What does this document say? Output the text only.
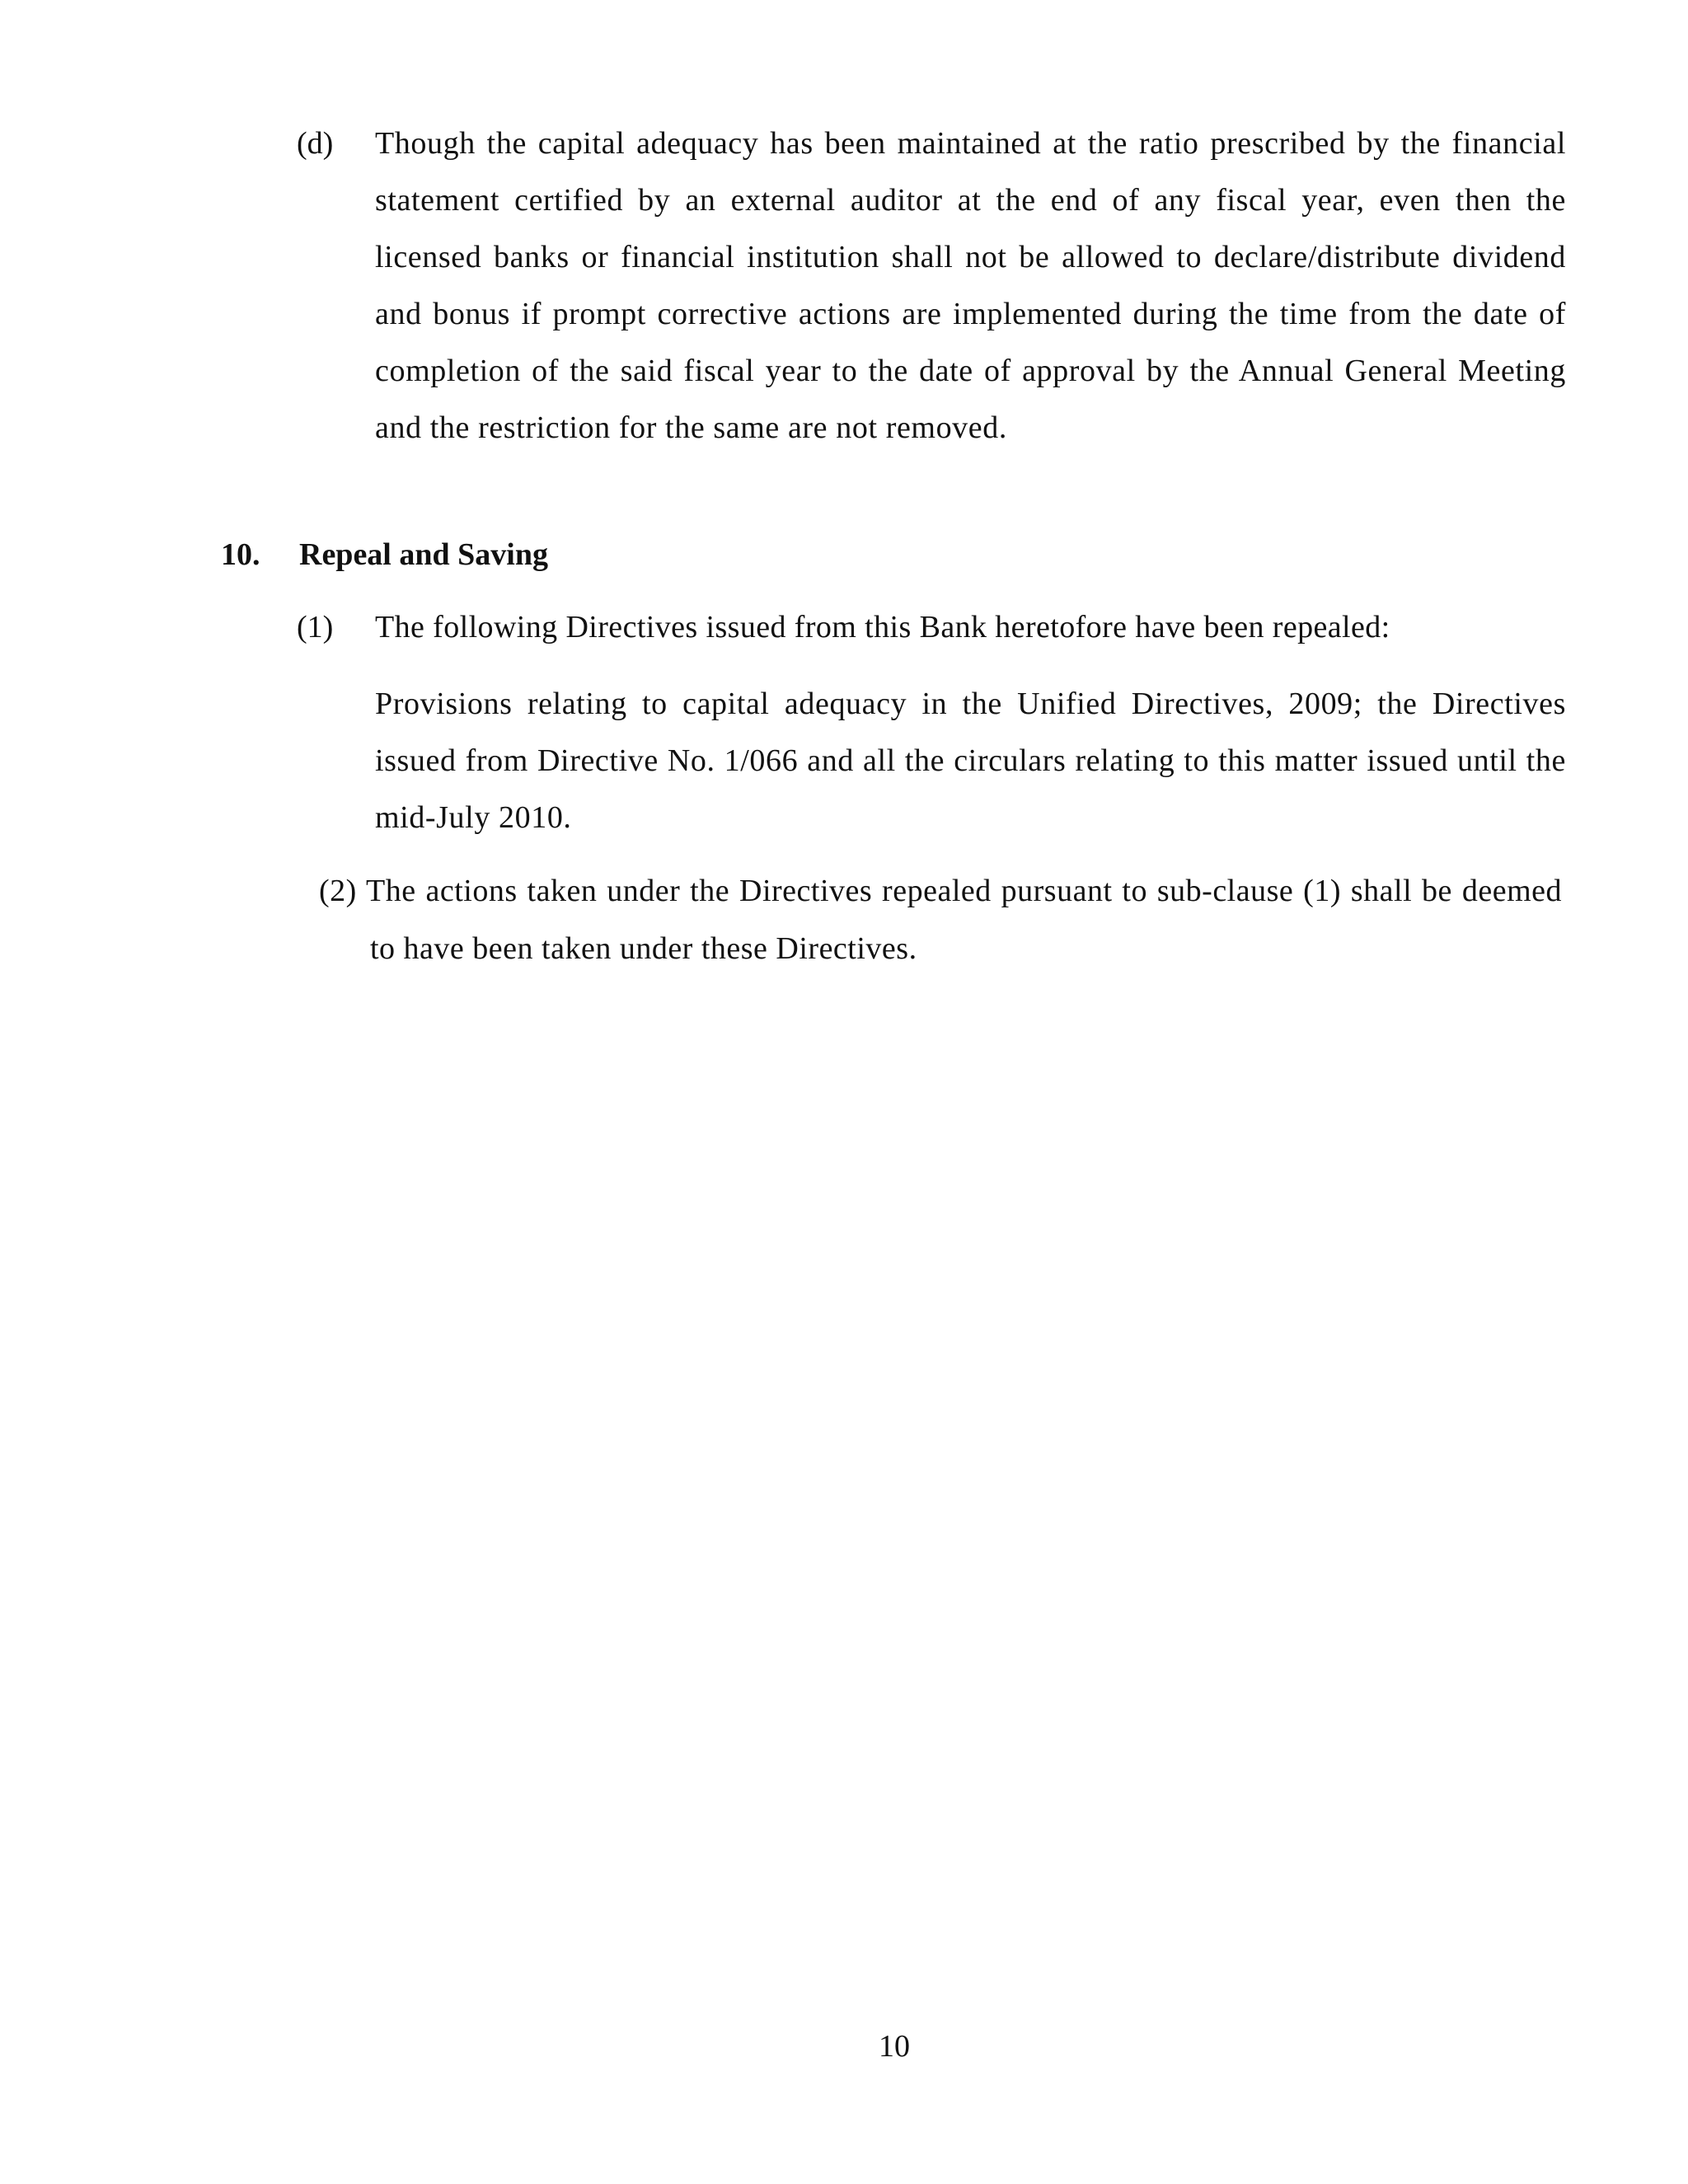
(d) Though the capital adequacy has been maintained at the ratio prescribed by the financial statement certified by an external auditor at the end of any fiscal year, even then the licensed banks or financial institution shall not be allowed to declare/distribute dividend and bonus if prompt corrective actions are implemented during the time from the date of completion of the said fiscal year to the date of approval by the Annual General Meeting and the restriction for the same are not removed.
10. Repeal and Saving
(1) The following Directives issued from this Bank heretofore have been repealed:
Provisions relating to capital adequacy in the Unified Directives, 2009; the Directives issued from Directive No. 1/066 and all the circulars relating to this matter issued until the mid-July 2010.
(2) The actions taken under the Directives repealed pursuant to sub-clause (1) shall be deemed to have been taken under these Directives.
10
